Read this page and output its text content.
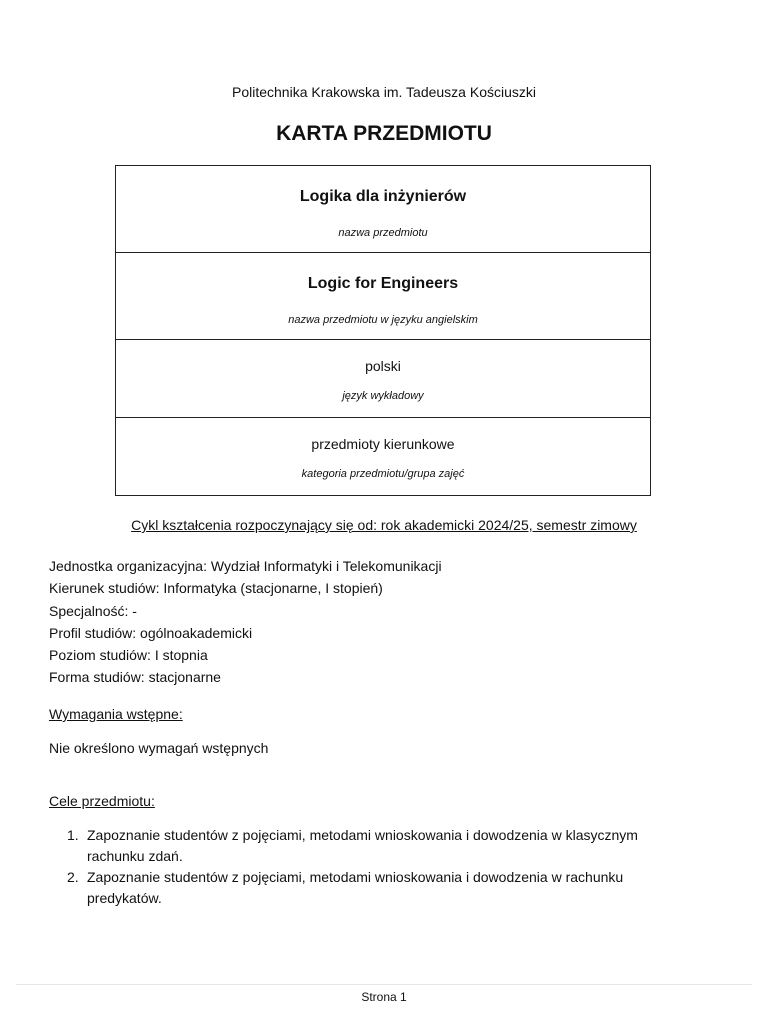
Politechnika Krakowska im. Tadeusza Kościuszki
KARTA PRZEDMIOTU
Logika dla inżynierów
nazwa przedmiotu
Logic for Engineers
nazwa przedmiotu w języku angielskim
polski
język wykładowy
przedmioty kierunkowe
kategoria przedmiotu/grupa zajęć
Cykl kształcenia rozpoczynający się od: rok akademicki 2024/25, semestr zimowy
Jednostka organizacyjna: Wydział Informatyki i Telekomunikacji
Kierunek studiów: Informatyka (stacjonarne, I stopień)
Specjalność: -
Profil studiów: ogólnoakademicki
Poziom studiów: I stopnia
Forma studiów: stacjonarne
Wymagania wstępne:
Nie określono wymagań wstępnych
Cele przedmiotu:
1. Zapoznanie studentów z pojęciami, metodami wnioskowania i dowodzenia w klasycznym rachunku zdań.
2. Zapoznanie studentów z pojęciami, metodami wnioskowania i dowodzenia w rachunku predykatów.
Strona 1
